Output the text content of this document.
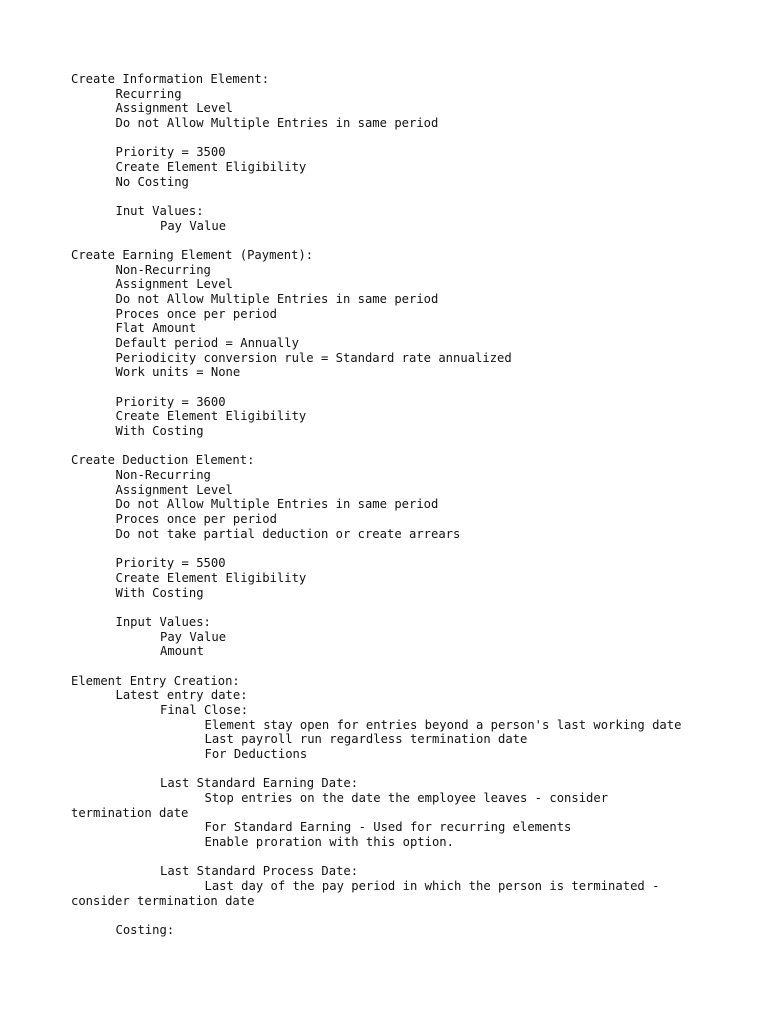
Create Information Element:
Recurring
Assignment Level
Do not Allow Multiple Entries in same period
Priority = 3500
Create Element Eligibility
No Costing
Inut Values:
Pay Value
Create Earning Element (Payment):
Non-Recurring
Assignment Level
Do not Allow Multiple Entries in same period
Proces once per period
Flat Amount
Default period = Annually
Periodicity conversion rule = Standard rate annualized
Work units = None
Priority = 3600
Create Element Eligibility
With Costing
Create Deduction Element:
Non-Recurring
Assignment Level
Do not Allow Multiple Entries in same period
Proces once per period
Do not take partial deduction or create arrears
Priority = 5500
Create Element Eligibility
With Costing
Input Values:
Pay Value
Amount
Element Entry Creation:
Latest entry date:
Final Close:
Element stay open for entries beyond a person's last working date
Last payroll run regardless termination date
For Deductions
Last Standard Earning Date:
Stop entries on the date the employee leaves - consider
termination date
For Standard Earning - Used for recurring elements
Enable proration with this option.
Last Standard Process Date:
Last day of the pay period in which the person is terminated -
consider termination date
Costing:
